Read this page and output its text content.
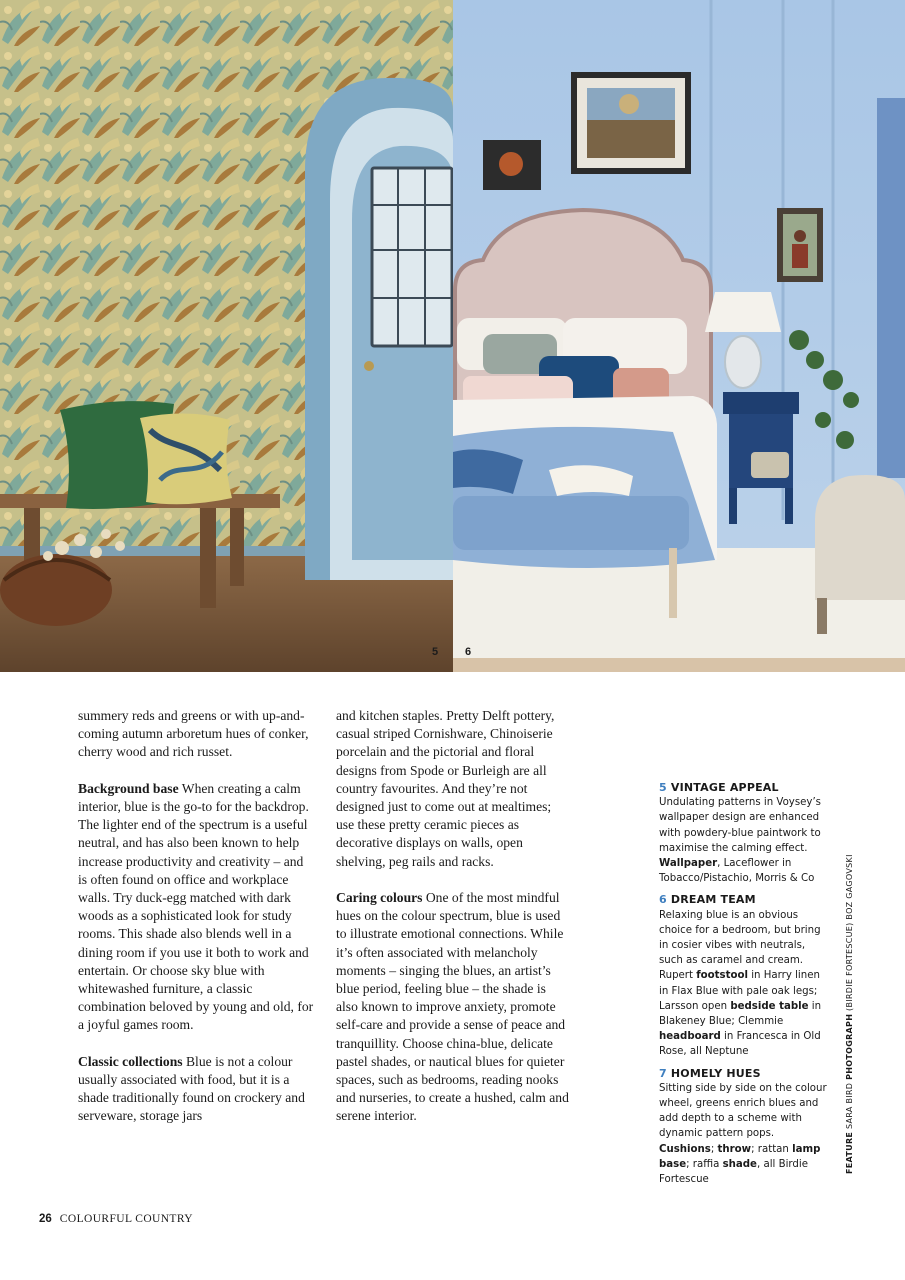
5 6

summery reds and greens or with up-and-coming autumn arboretum hues of conker, cherry wood and rich russet.

Background base When creating a calm interior, blue is the go-to for the backdrop. The lighter end of the spectrum is a useful neutral, and has also been known to help increase productivity and creativity – and is often found on office and workplace walls. Try duck-egg matched with dark woods as a sophisticated look for study rooms. This shade also blends well in a dining room if you use it both to work and entertain. Or choose sky blue with whitewashed furniture, a classic combination beloved by young and old, for a joyful games room.

Classic collections Blue is not a colour usually associated with food, but it is a shade traditionally found on crockery and serveware, storage jars

and kitchen staples. Pretty Delft pottery, casual striped Cornishware, Chinoiserie porcelain and the pictorial and floral designs from Spode or Burleigh are all country favourites. And they’re not designed just to come out at mealtimes; use these pretty ceramic pieces as decorative displays on walls, open shelving, peg rails and racks.

Caring colours One of the most mindful hues on the colour spectrum, blue is used to illustrate emotional connections. While it’s often associated with melancholy moments – singing the blues, an artist’s blue period, feeling blue – the shade is also known to improve anxiety, promote self-care and provide a sense of peace and tranquillity. Choose china-blue, delicate pastel shades, or nautical blues for quieter spaces, such as bedrooms, reading nooks and nurseries, to create a hushed, calm and serene interior.

5 VINTAGE APPEAL
Undulating patterns in Voysey’s wallpaper design are enhanced with powdery-blue paintwork to maximise the calming effect. Wallpaper, Laceflower in Tobacco/Pistachio, Morris & Co
6 DREAM TEAM
Relaxing blue is an obvious choice for a bedroom, but bring in cosier vibes with neutrals, such as caramel and cream. Rupert footstool in Harry linen in Flax Blue with pale oak legs; Larsson open bedside table in Blakeney Blue; Clemmie headboard in Francesca in Old Rose, all Neptune
7 HOMELY HUES
Sitting side by side on the colour wheel, greens enrich blues and add depth to a scheme with dynamic pattern pops. Cushions; throw; rattan lamp base; raffia shade, all Birdie Fortescue
FEATURE SARA BIRD PHOTOGRAPH (BIRDIE FORTESCUE) BOZ GAGOVSKI
26 COLOURFUL COUNTRY
